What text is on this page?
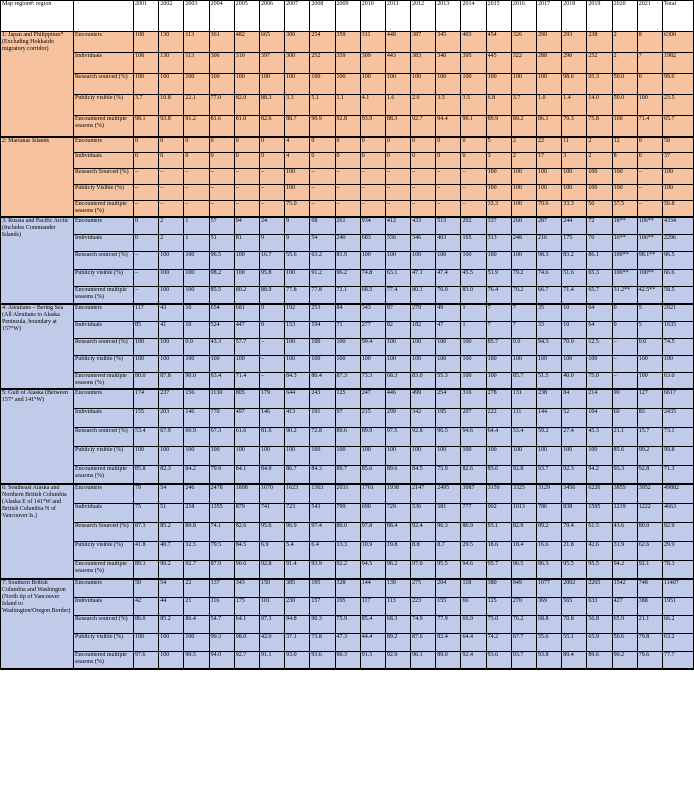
Map region#: region		2001	2002	2003	2004	2005	2006	2007	2008	2009	2010	2011	2012	2013	2014	2015	2016	2017	2018	2019	2020	2021	Total
1: Japan and Philippines* (Excluding Hokkaido migratory corridor)	Encounters	108	130	113	361	482	665	300	254	359	311	448	387	345	403	454	326	290	293	238	2	8	6300
	Individuals	108	130	113	306	310	397	300	252	359	309	443	383	340	395	445	322	288	290	252	2	7	1982
	Research sourced (%)	100	100	100	100	100	100	100	100	100	100	100	100	100	100	100	100	100	98.6	95.3	50.0	0	99.6
	Publicly visible (%)	3.7	10.8	22.1	77.0	82.0	88.3	3.3	5.1	1.1	4.1	1.6	2.6	3.5	3.5	6.8	3.7	1.0	1.4	14.0	50.0	100	23.5
	Encountered multiple seasons (%)	98.1	93.8	91.2	81.6	81.0	82.6	88.7	90.9	92.8	93.9	88.3	92.7	94.4	90.1	89.9	89.2	86.1	79.3	75.8	100	71.4	65.7
2: Marianas Islands	Encounters	0	0	0	0	0	0	4	0	0	0	0	0	0	0	5	2	22	11	2	12	0	58
	Individuals	0	0	0	0	0	0	4	0	0	0	0	0	0	0	3	2	17	3	2	8	0	37
	Research Sourced (%)	–	–	–	–	–	–	100	–	–	–	–	–	–	–	100	100	100	100	100	100	–	100
	Publicly Visible (%)	–	–	–	–	–	–	100	–	–	–	–	–	–	–	100	100	100	100	100	100	–	100
	Encountered multiple seasons (%)	–	–	–	–	–	–	75.0	–	–	–	–	–	–	–	33.3	100	70.6	33.3	50	37.5	–	56.8
3: Russia and Pacific Arctic (Includes Commander Islands)	Encounters	0	2	1	57	94	24	9	68	261	934	412	433	513	202	337	260	287	244	72	18**	106**	4334
	Individuals	0	2	1	51	81	9	9	54	240	683	336	346	403	165	313	248	216	175	70	16**	106**	2296
	Research sourced (%)	–	100	100	96.5	100	16.7	55.6	63.2	83.9	100	100	100	100	100	100	100	98.3	83.2	86.1	100**	98.1**	96.5
	Publicly visible (%)	–	100	100	98.2	100	95.8	100	91.2	96.2	74.8	63.1	47.1	47.4	45.5	51.9	79.2	74.6	51.6	65.3	100**	100**	66.6
	Encountered multiple seasons (%)	–	100	100	85.5	80.2	88.9	77.8	77.8	72.1	68.5	77.4	80.1	76.9	83.0	76.4	70.2	66.7	71.4	65.7	31.2**	42.5**	58.5
4: Aleutians – Bering Sea (All Aleutians to Alaska Peninsula, boundary at 157°W)	Encounters	117	43	10	654	681	0	192	253	84	343	87	279	49	1	7	7	35	10	64	0	5	2921
	Individuals	85	41	10	524	447	0	153	194	71	277	82	182	47	1	7	7	33	10	64	0	5	1635
	Research sourced (%)	100	100	0.0	43.3	57.7	–	100	100	100	99.4	100	100	100	100	85.7	0.0	94.3	70.0	12.5	–	0.0	74.5
	Publicly visible (%)	100	100	100	100	100	–	100	100	100	100	100	100	100	100	100	100	100	100	100	–	100	100
	Encountered multiple seasons (%)	80.0	87.8	90.0	63.4	71.4	–	84.3	80.4	87.3	73.3	68.3	83.0	55.3	100	100	85.7	51.5	40.0	75.0	–	100	63.0
5: Gulf of Alaska (Between 157° and 141°W)	Encounters	174	237	156	1130	805	179	644	243	125	247	446	499	254	316	278	131	238	84	214	90	127	6617
	Individuals	155	203	146	770	497	146	413	191	97	215	299	342	195	207	222	111	144	52	104	60	83	2435
	Research sourced (%)	53.4	67.9	60.9	67.3	61.6	81.6	90.2	72.8	89.6	89.9	97.5	92.8	96.5	94.6	64.4	53.4	59.2	27.4	45.3	21.1	15.7	73.1
	Publicly visible (%)	100	100	100	100	100	100	100	100	100	100	100	100	100	100	100	100	100	100	100	85.6	99.2	99.8
	Encountered multiple seasons (%)	85.8	82.3	84.2	79.9	84.1	84.9	86.7	84.3	89.7	85.6	89.6	84.5	75.9	82.6	85.6	92.8	93.7	92.3	94.2	93.3	92.8	71.3
6: Southeast Alaska and Northern British Columbia (Alaska E of 141°W and British Columbia N of Vancouver Is.)	Encounters	79	54	246	2478	1808	1670	1623	1363	2031	1761	1938	2147	2495	3087	3159	3325	3129	3456	6226	3855	3952	49882
	Individuals	75	51	218	1355	879	741	723	543	799	690	729	536	581	777	902	1013	786	838	1595	1219	1222	4663
	Research Sourced (%)	87.3	85.2	89.8	74.1	82.6	95.6	96.9	97.4	89.0	97.8	88.4	92.4	96.3	86.9	93.1	82.9	89.2	79.4	61.5	43.6	80.0	82.9
	Publicly visible (%)	41.8	40.7	32.5	79.5	84.5	6.9	5.4	6.4	13.3	10.9	19.8	8.8	8.7	29.5	18.6	18.4	16.6	21.8	42.6	31.9	62.6	29.9
	Encountered multiple seasons (%)	89.3	90.2	92.7	87.9	90.6	92.8	91.4	93.9	92.2	94.5	96.2	97.0	95.5	94.6	95.7	96.5	96.3	95.5	95.5	94.2	92.1	78.3
7: Southern British Columbia and Washington (North tip of Vancouver Island to Washington/Oregon Border)	Encounters	50	54	22	137	343	150	385	195	328	144	139	275	204	118	380	849	1077	2002	2265	1542	748	11407
	Individuals	42	44	21	116	175	101	230	157	195	117	113	223	155	66	125	270	369	565	633	427	388	1951
	Research sourced (%)	86.0	85.2	86.4	54.7	64.1	97.3	94.8	90.3	75.9	85.4	68.3	74.9	77.9	66.9	75.0	76.2	68.8	70.8	56.8	65.9	21.1	66.2
	Publicly visible (%)	100	100	100	99.3	98.0	42.0	37.1	73.8	47.3	44.4	89.2	87.6	82.4	64.4	74.2	67.7	55.6	55.1	65.9	50.6	79.8	63.2
	Encountered multiple seasons (%)	97.6	100	90.5	94.0	92.7	91.1	93.0	93.6	90.3	91.5	92.9	90.1	89.0	92.4	93.6	93.7	93.8	89.4	89.6	90.2	79.6	77.7
